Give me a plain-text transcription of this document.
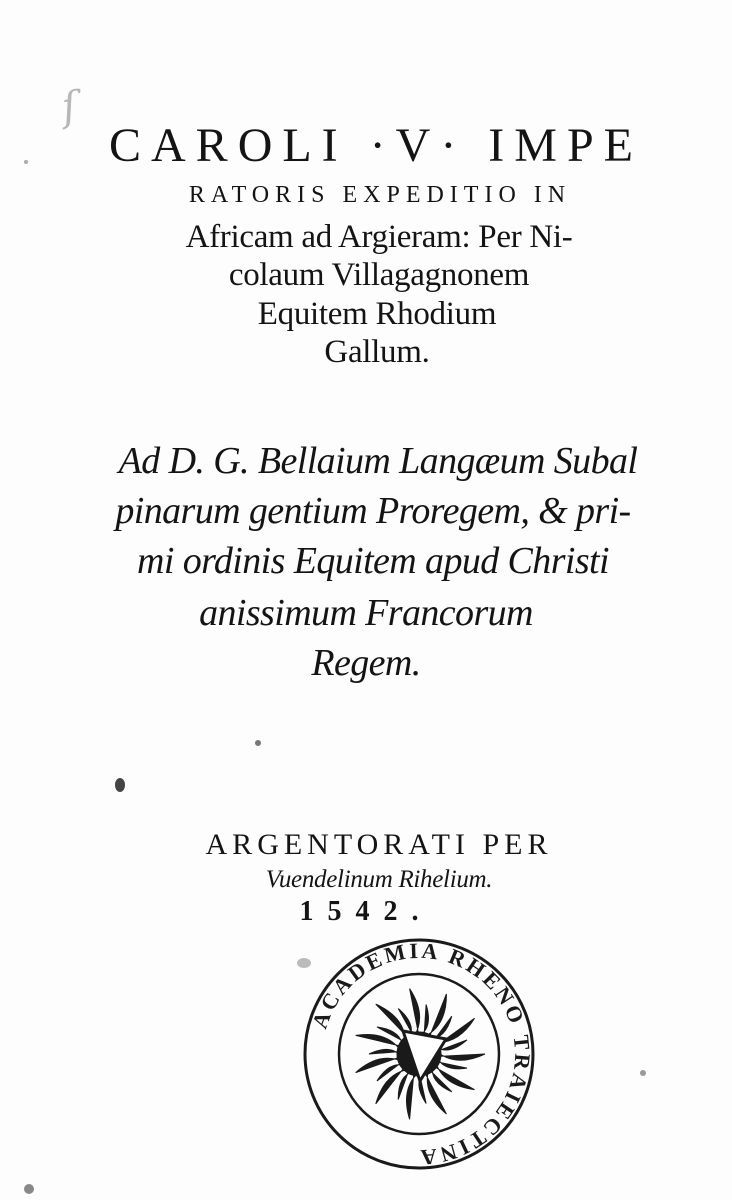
ſ
CAROLI ·V· IMPE
RATORIS EXPEDITIO IN
Africam ad Argieram: Per Ni-
colaum Villagagnonem
Equitem Rhodium
Gallum.
Ad D. G. Bellaium Langæum Subal
pinarum gentium Proregem, & pri-
mi ordinis Equitem apud Christi
anissimum Francorum
Regem.
ARGENTORATI PER
Vuendelinum Rihelium.
1542.
ACADEMIA RHENO TRAIECTINA
